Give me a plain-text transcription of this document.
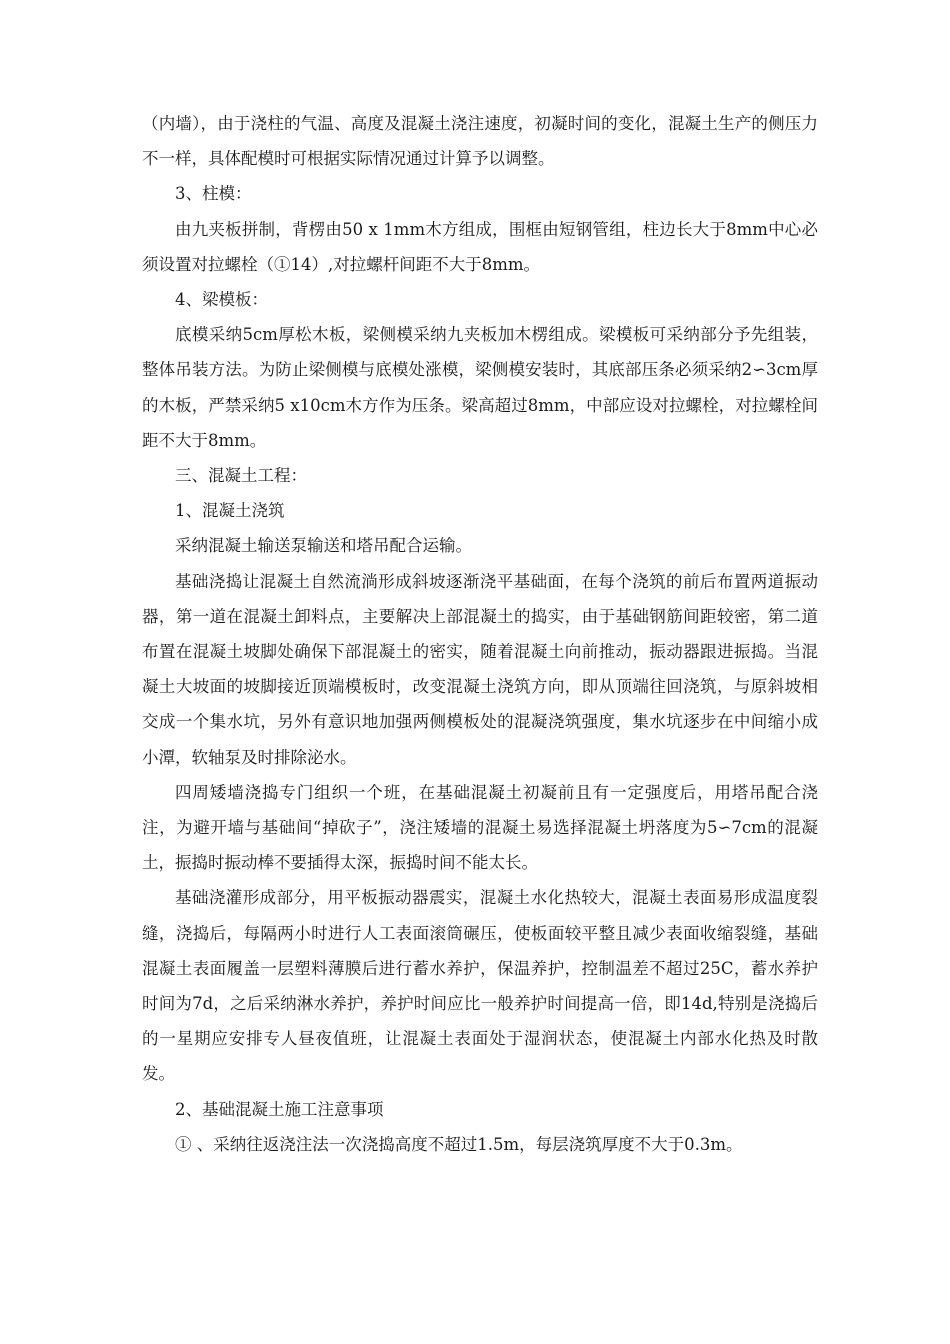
（内墙），由于浇柱的气温、高度及混凝土浇注速度，初凝时间的变化，混凝土生产的侧压力不一样，具体配模时可根据实际情况通过计算予以调整。

3、柱模：

由九夹板拼制，背楞由50 x 1mm木方组成，围框由短钢管组，柱边长大于8mm中心必须设置对拉螺栓（①14）,对拉螺杆间距不大于8mm。

4、梁模板：

底模采纳5cm厚松木板，梁侧模采纳九夹板加木楞组成。梁模板可采纳部分予先组装，整体吊装方法。为防止梁侧模与底模处涨模，梁侧模安装时，其底部压条必须采纳2∽3cm厚的木板，严禁采纳5 x10cm木方作为压条。梁高超过8mm，中部应设对拉螺栓，对拉螺栓间距不大于8mm。

三、混凝土工程：

1、混凝土浇筑

采纳混凝土输送泵输送和塔吊配合运输。

基础浇捣让混凝土自然流淌形成斜坡逐渐浇平基础面，在每个浇筑的前后布置两道振动器，第一道在混凝土卸料点，主要解决上部混凝土的捣实，由于基础钢筋间距较密，第二道布置在混凝土坡脚处确保下部混凝土的密实，随着混凝土向前推动，振动器跟进振捣。当混凝土大坡面的坡脚接近顶端模板时，改变混凝土浇筑方向，即从顶端往回浇筑，与原斜坡相交成一个集水坑，另外有意识地加强两侧模板处的混凝浇筑强度，集水坑逐步在中间缩小成小潭，软轴泵及时排除泌水。

四周矮墙浇捣专门组织一个班，在基础混凝土初凝前且有一定强度后，用塔吊配合浇注，为避开墙与基础间“掉砍子”，浇注矮墙的混凝土易选择混凝土坍落度为5∽7cm的混凝土，振捣时振动棒不要插得太深，振捣时间不能太长。

基础浇灌形成部分，用平板振动器震实，混凝土水化热较大，混凝土表面易形成温度裂缝，浇捣后，每隔两小时进行人工表面滚筒碾压，使板面较平整且减少表面收缩裂缝，基础混凝土表面履盖一层塑料薄膜后进行蓄水养护，保温养护，控制温差不超过25C，蓄水养护时间为7d，之后采纳淋水养护，养护时间应比一般养护时间提高一倍，即14d,特别是浇捣后的一星期应安排专人昼夜值班，让混凝土表面处于湿润状态，使混凝土内部水化热及时散发。

2、基础混凝土施工注意事项

① 、采纳往返浇注法一次浇捣高度不超过1.5m，每层浇筑厚度不大于0.3m。
